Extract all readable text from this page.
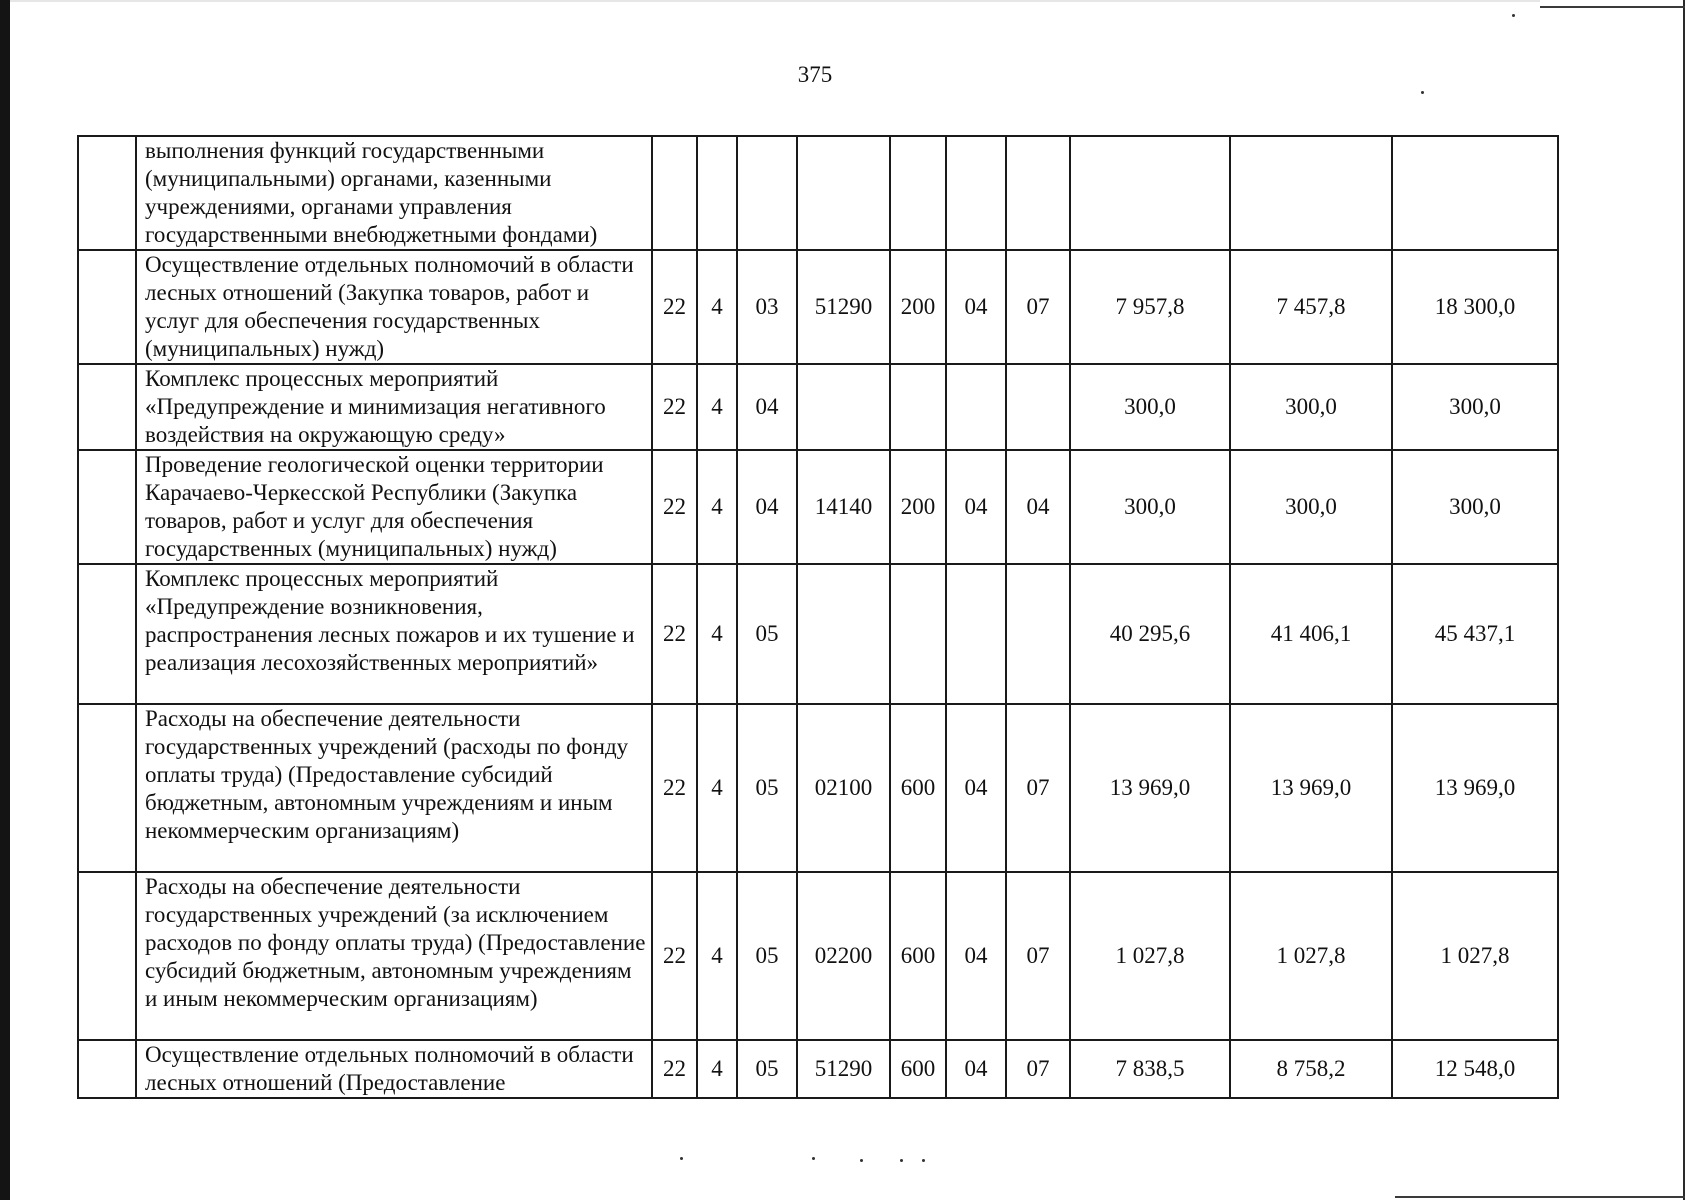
375
	выполнения функций государственными (муниципальными) органами, казенными учреждениями, органами управления государственными внебюджетными фондами)										
	Осуществление отдельных полномочий в области лесных отношений (Закупка товаров, работ и услуг для обеспечения государственных (муниципальных) нужд)	22	4	03	51290	200	04	07	7 957,8	7 457,8	18 300,0
	Комплекс процессных мероприятий «Предупреждение и минимизация негативного воздействия на окружающую среду»	22	4	04					300,0	300,0	300,0
	Проведение геологической оценки территории Карачаево-Черкесской Республики (Закупка товаров, работ и услуг для обеспечения государственных (муниципальных) нужд)	22	4	04	14140	200	04	04	300,0	300,0	300,0
	Комплекс процессных мероприятий «Предупреждение возникновения, распространения лесных пожаров и их тушение и реализация лесохозяйственных мероприятий»	22	4	05					40 295,6	41 406,1	45 437,1
	Расходы на обеспечение деятельности государственных учреждений (расходы по фонду оплаты труда) (Предоставление субсидий бюджетным, автономным учреждениям и иным некоммерческим организациям)	22	4	05	02100	600	04	07	13 969,0	13 969,0	13 969,0
	Расходы на обеспечение деятельности государственных учреждений (за исключением расходов по фонду оплаты труда) (Предоставление субсидий бюджетным, автономным учреждениям и иным некоммерческим организациям)	22	4	05	02200	600	04	07	1 027,8	1 027,8	1 027,8
	Осуществление отдельных полномочий в области лесных отношений (Предоставление	22	4	05	51290	600	04	07	7 838,5	8 758,2	12 548,0
